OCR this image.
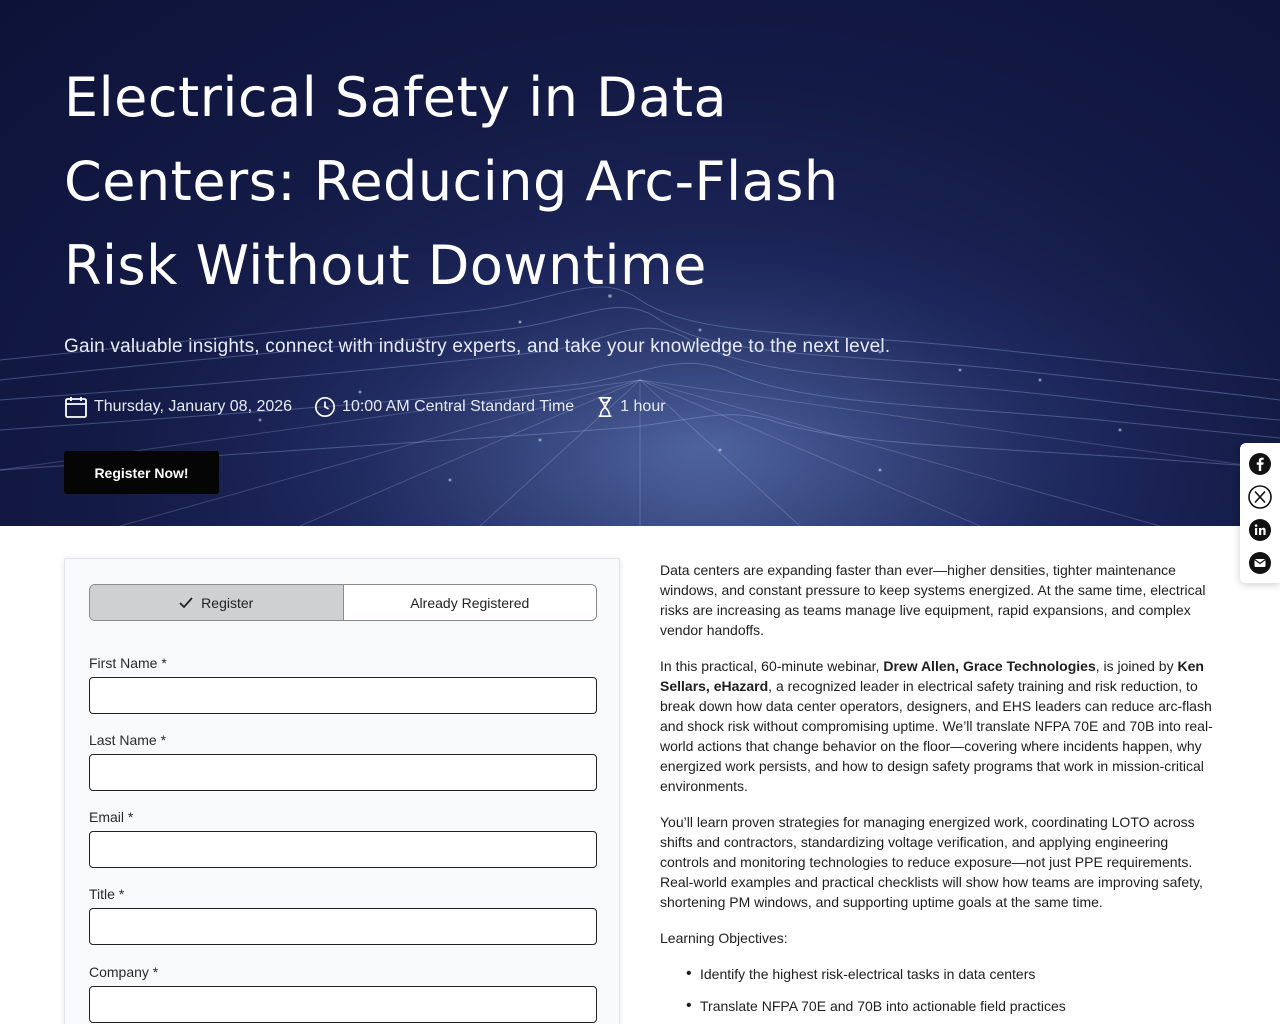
Electrical Safety in Data Centers: Reducing Arc-Flash Risk Without Downtime

Gain valuable insights, connect with industry experts, and take your knowledge to the next level.

Thursday, January 08, 2026	10:00 AM Central Standard Time	1 hour
Register Now!
Register	Already Registered
First Name *
Last Name *
Email *
Title *
Company *

Data centers are expanding faster than ever—higher densities, tighter maintenance windows, and constant pressure to keep systems energized. At the same time, electrical risks are increasing as teams manage live equipment, rapid expansions, and complex vendor handoffs.

In this practical, 60-minute webinar, Drew Allen, Grace Technologies, is joined by Ken Sellars, eHazard, a recognized leader in electrical safety training and risk reduction, to break down how data center operators, designers, and EHS leaders can reduce arc-flash and shock risk without compromising uptime. We’ll translate NFPA 70E and 70B into real-world actions that change behavior on the floor—covering where incidents happen, why energized work persists, and how to design safety programs that work in mission-critical environments.

You’ll learn proven strategies for managing energized work, coordinating LOTO across shifts and contractors, standardizing voltage verification, and applying engineering controls and monitoring technologies to reduce exposure—not just PPE requirements. Real-world examples and practical checklists will show how teams are improving safety, shortening PM windows, and supporting uptime goals at the same time.

Learning Objectives:

• Identify the highest risk-electrical tasks in data centers
• Translate NFPA 70E and 70B into actionable field practices
